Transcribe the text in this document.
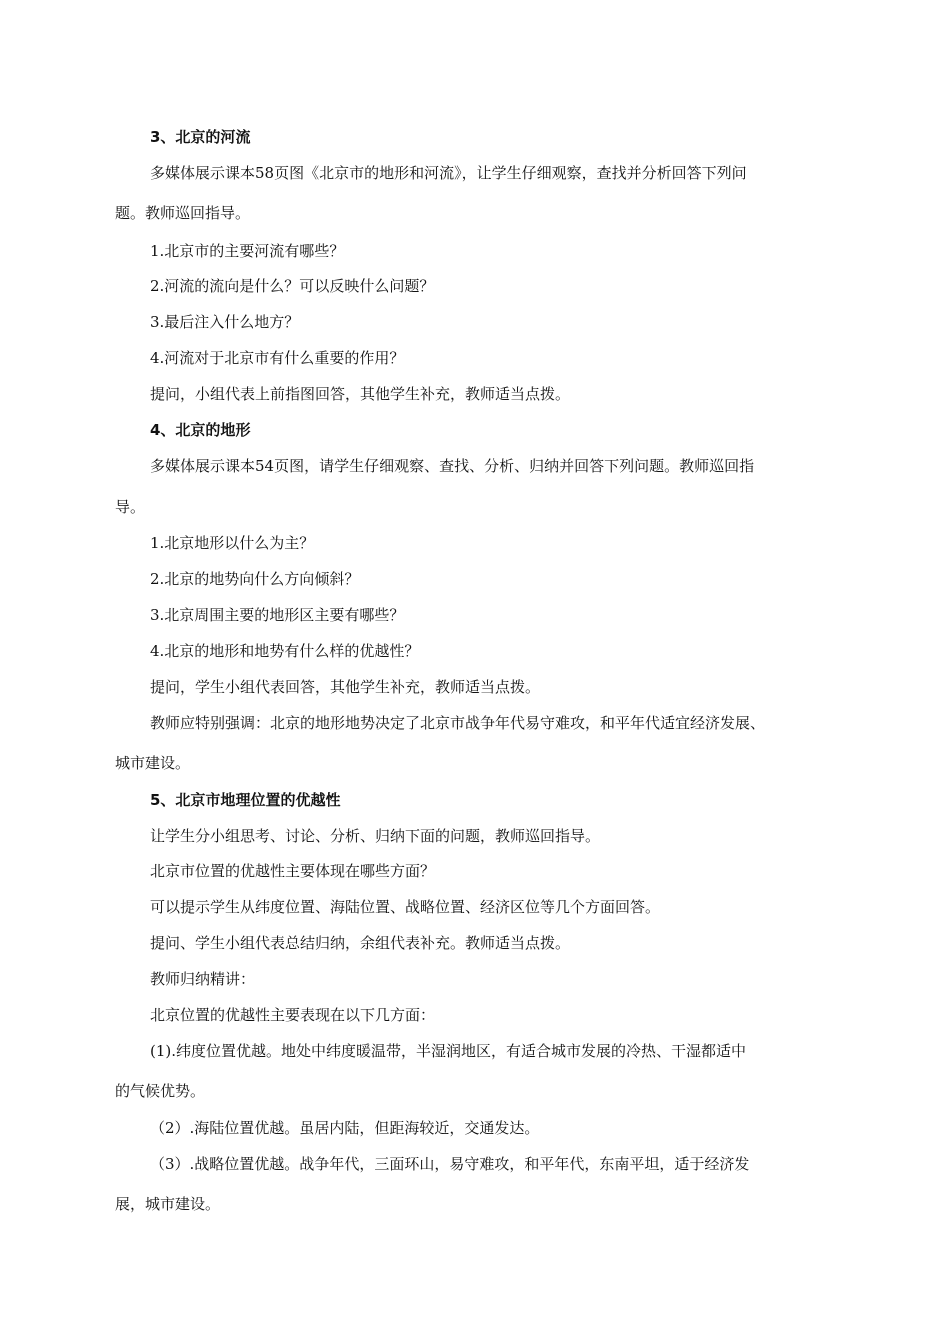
3、北京的河流
多媒体展示课本58页图《北京市的地形和河流》，让学生仔细观察，查找并分析回答下列问
题。教师巡回指导。
1.北京市的主要河流有哪些？
2.河流的流向是什么？可以反映什么问题？
3.最后注入什么地方？
4.河流对于北京市有什么重要的作用？
提问，小组代表上前指图回答，其他学生补充，教师适当点拨。
4、北京的地形
多媒体展示课本54页图，请学生仔细观察、查找、分析、归纳并回答下列问题。教师巡回指
导。
1.北京地形以什么为主？
2.北京的地势向什么方向倾斜？
3.北京周围主要的地形区主要有哪些？
4.北京的地形和地势有什么样的优越性？
提问，学生小组代表回答，其他学生补充，教师适当点拨。
教师应特别强调：北京的地形地势决定了北京市战争年代易守难攻，和平年代适宜经济发展、
城市建设。
5、北京市地理位置的优越性
让学生分小组思考、讨论、分析、归纳下面的问题，教师巡回指导。
北京市位置的优越性主要体现在哪些方面？
可以提示学生从纬度位置、海陆位置、战略位置、经济区位等几个方面回答。
提问、学生小组代表总结归纳，余组代表补充。教师适当点拨。
教师归纳精讲：
北京位置的优越性主要表现在以下几方面：
(1).纬度位置优越。地处中纬度暖温带，半湿润地区，有适合城市发展的冷热、干湿都适中
的气候优势。
（2）.海陆位置优越。虽居内陆，但距海较近，交通发达。
（3）.战略位置优越。战争年代，三面环山，易守难攻，和平年代，东南平坦，适于经济发
展，城市建设。
